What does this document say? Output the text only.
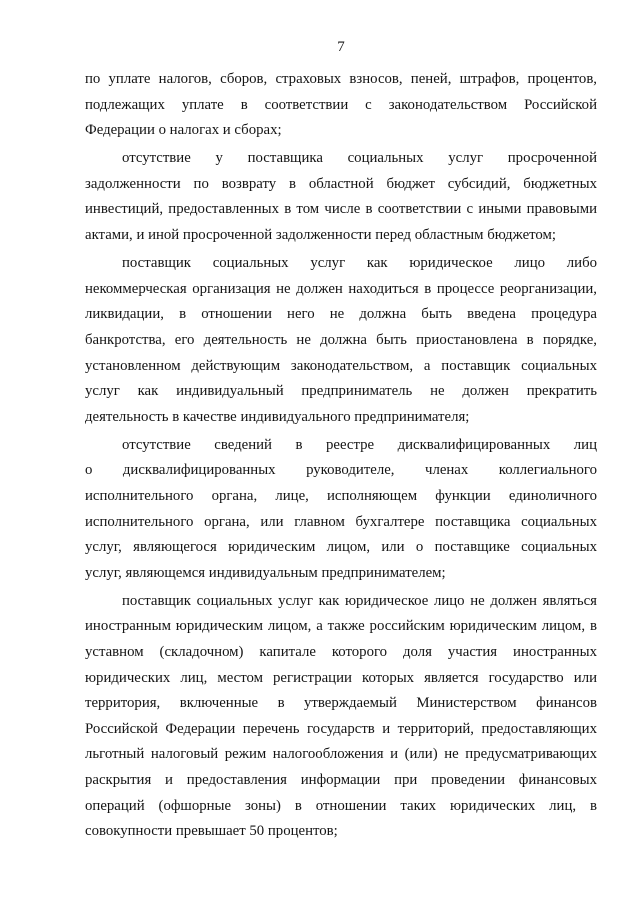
7
по уплате налогов, сборов, страховых взносов, пеней, штрафов, процентов,
подлежащих уплате в соответствии с законодательством Российской
Федерации о налогах и сборах;
отсутствие у поставщика социальных услуг просроченной
задолженности по возврату в областной бюджет субсидий, бюджетных
инвестиций, предоставленных в том числе в соответствии с иными правовыми
актами, и иной просроченной задолженности перед областным бюджетом;
поставщик социальных услуг как юридическое лицо либо
некоммерческая организация не должен находиться в процессе реорганизации,
ликвидации, в отношении него не должна быть введена процедура
банкротства, его деятельность не должна быть приостановлена в порядке,
установленном действующим законодательством, а поставщик социальных
услуг как индивидуальный предприниматель не должен прекратить
деятельность в качестве индивидуального предпринимателя;
отсутствие сведений в реестре дисквалифицированных лиц
о дисквалифицированных руководителе, членах коллегиального
исполнительного органа, лице, исполняющем функции единоличного
исполнительного органа, или главном бухгалтере поставщика социальных
услуг, являющегося юридическим лицом, или о поставщике социальных
услуг, являющемся индивидуальным предпринимателем;
поставщик социальных услуг как юридическое лицо не должен являться
иностранным юридическим лицом, а также российским юридическим лицом, в
уставном (складочном) капитале которого доля участия иностранных
юридических лиц, местом регистрации которых является государство или
территория, включенные в утверждаемый Министерством финансов
Российской Федерации перечень государств и территорий, предоставляющих
льготный налоговый режим налогообложения и (или) не предусматривающих
раскрытия и предоставления информации при проведении финансовых
операций (офшорные зоны) в отношении таких юридических лиц, в
совокупности превышает 50 процентов;
